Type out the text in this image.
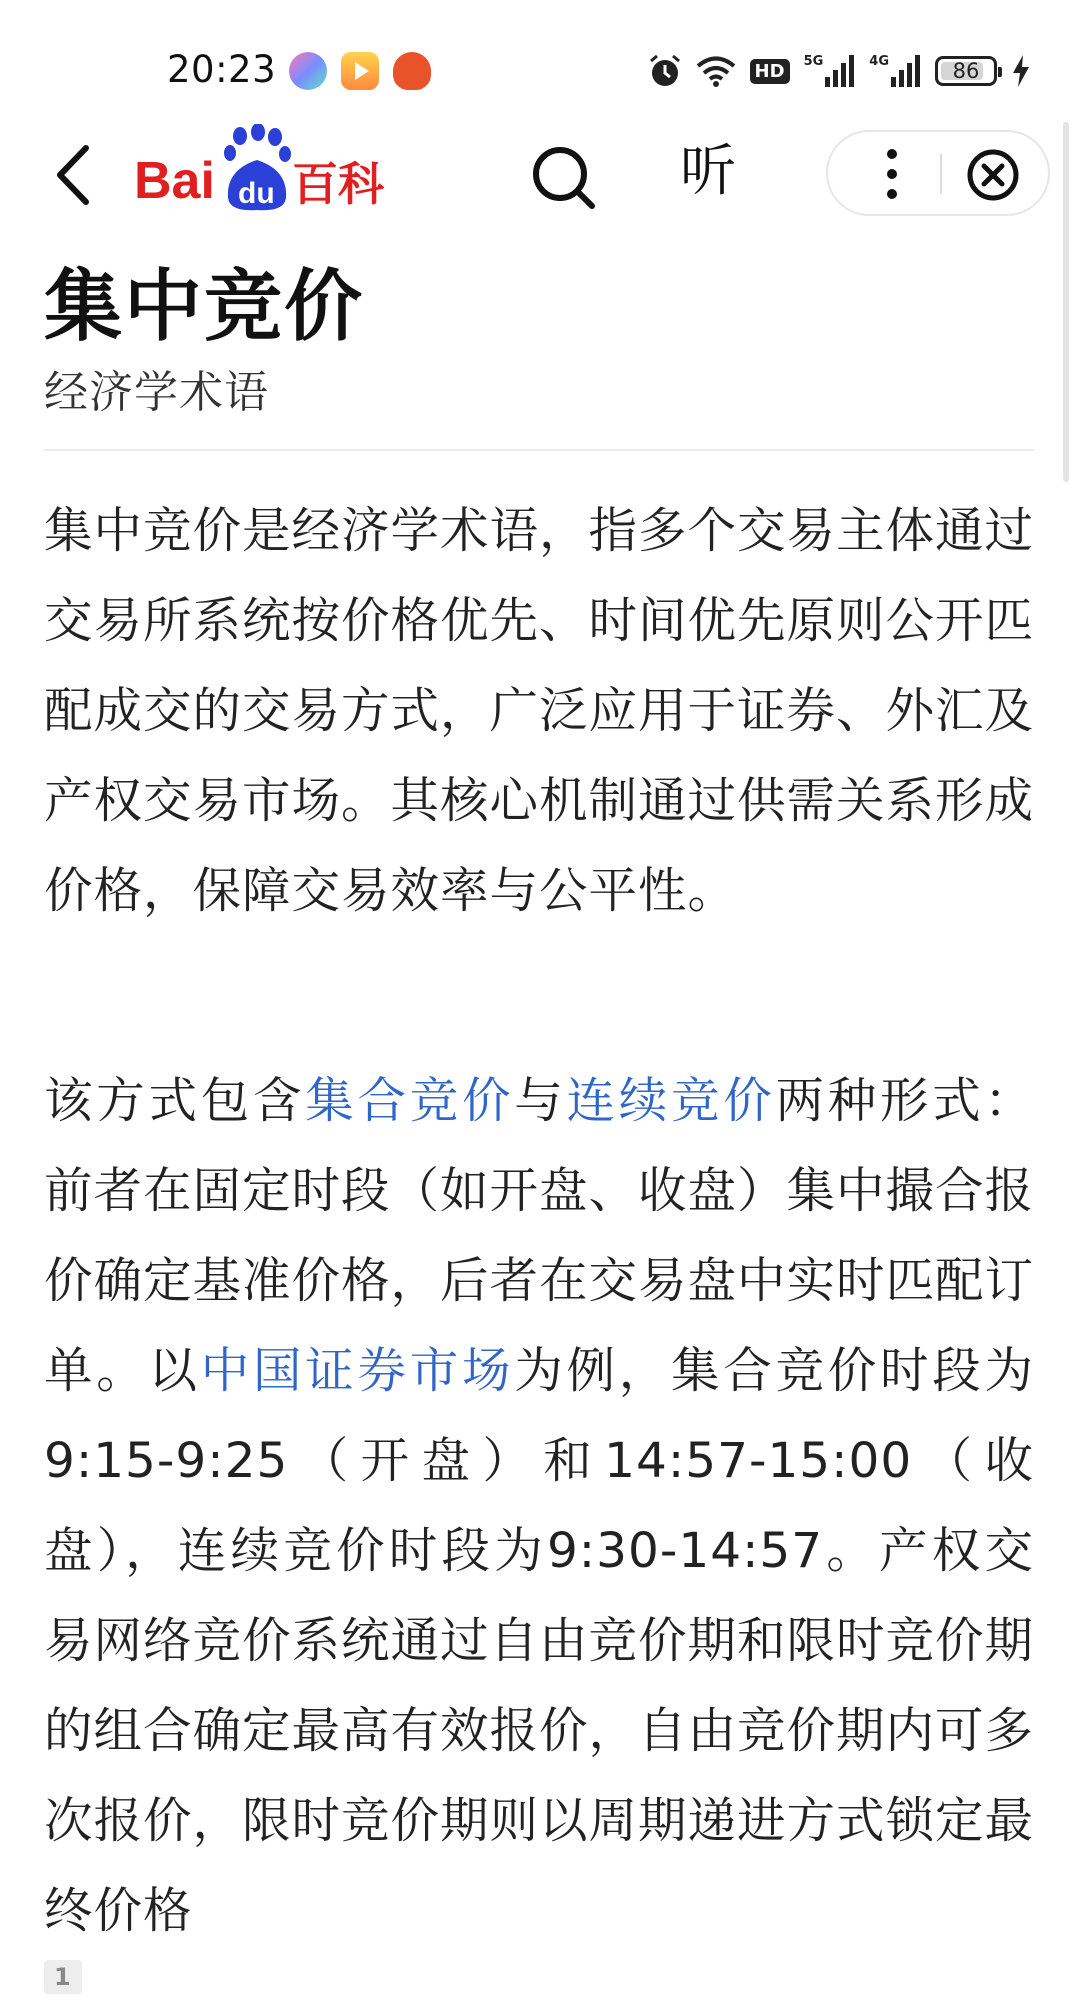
20:23	HD	5G	4G	86
Bai du 百科	听
集中竞价
经济学术语

集中竞价是经济学术语，指多个交易主体通过交易所系统按价格优先、时间优先原则公开匹配成交的交易方式，广泛应用于证券、外汇及产权交易市场。其核心机制通过供需关系形成价格，保障交易效率与公平性。

该方式包含集合竞价与连续竞价两种形式：前者在固定时段（如开盘、收盘）集中撮合报价确定基准价格，后者在交易盘中实时匹配订单。以中国证券市场为例，集合竞价时段为9:15-9:25（开盘）和14:57-15:00（收盘），连续竞价时段为9:30-14:57。产权交易网络竞价系统通过自由竞价期和限时竞价期的组合确定最高有效报价，自由竞价期内可多次报价，限时竞价期则以周期递进方式锁定最终价格
1
